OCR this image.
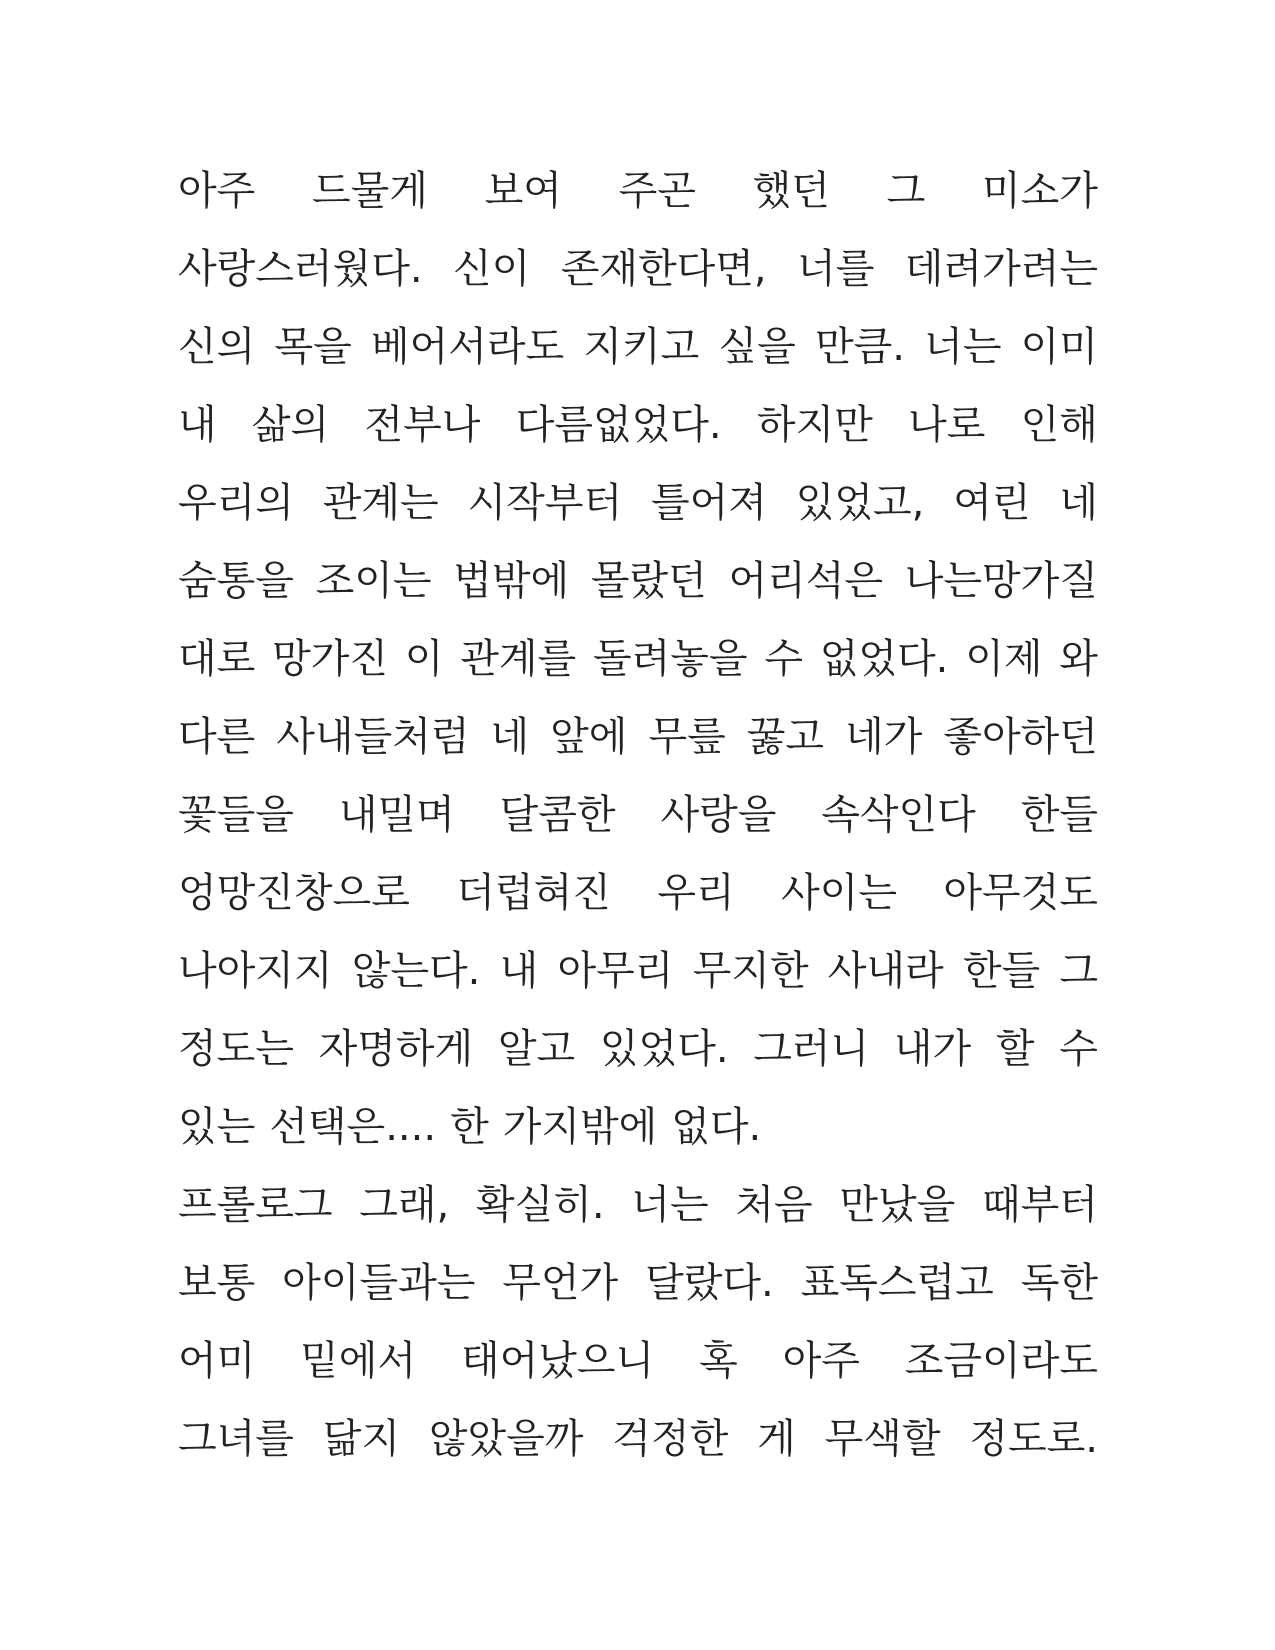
아주 드물게 보여 주곤 했던 그 미소가
사랑스러웠다. 신이 존재한다면, 너를 데려가려는
신의 목을 베어서라도 지키고 싶을 만큼. 너는 이미
내 삶의 전부나 다름없었다. 하지만 나로 인해
우리의 관계는 시작부터 틀어져 있었고, 여린 네
숨통을 조이는 법밖에 몰랐던 어리석은 나는망가질
대로 망가진 이 관계를 돌려놓을 수 없었다. 이제 와
다른 사내들처럼 네 앞에 무릎 꿇고 네가 좋아하던
꽃들을 내밀며 달콤한 사랑을 속삭인다 한들
엉망진창으로 더럽혀진 우리 사이는 아무것도
나아지지 않는다. 내 아무리 무지한 사내라 한들 그
정도는 자명하게 알고 있었다. 그러니 내가 할 수
있는 선택은.... 한 가지밖에 없다.
프롤로그 그래, 확실히. 너는 처음 만났을 때부터
보통 아이들과는 무언가 달랐다. 표독스럽고 독한
어미 밑에서 태어났으니 혹 아주 조금이라도
그녀를 닮지 않았을까 걱정한 게 무색할 정도로.
